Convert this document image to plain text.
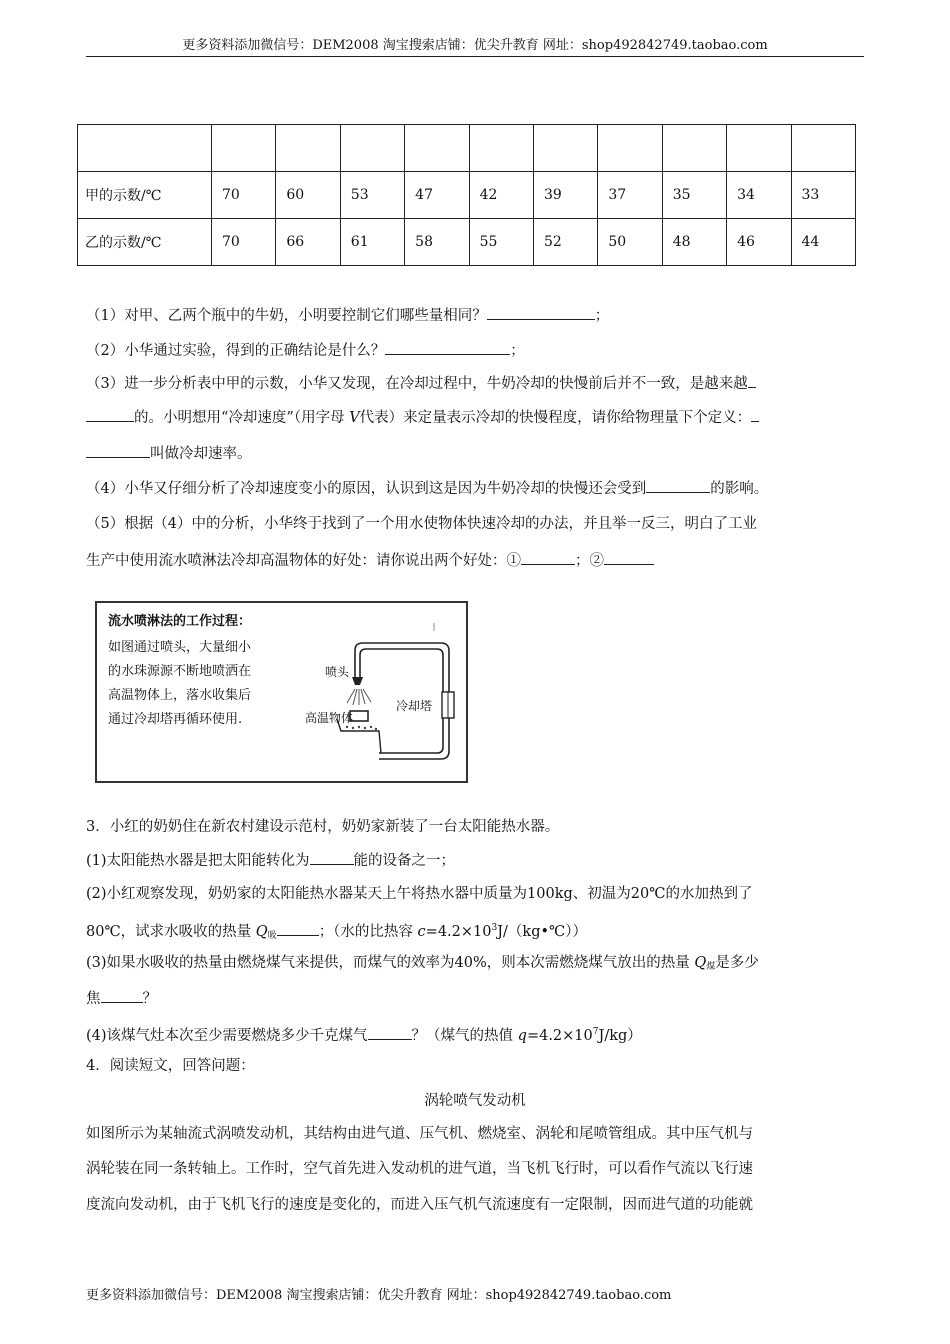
更多资料添加微信号：DEM2008 淘宝搜索店铺：优尖升教育 网址：shop492842749.taobao.com

甲的示数/℃	70	60	53	47	42	39	37	35	34	33
乙的示数/℃	70	66	61	58	55	52	50	48	46	44
（1）对甲、乙两个瓶中的牛奶，小明要控制它们哪些量相同？	；
（2）小华通过实验，得到的正确结论是什么？	；
（3）进一步分析表中甲的示数，小华又发现，在冷却过程中，牛奶冷却的快慢前后并不一致，是越来越
的。小明想用“冷却速度”（用字母 V代表）来定量表示冷却的快慢程度，请你给物理量下个定义：
叫做冷却速率。
（4）小华又仔细分析了冷却速度变小的原因，认识到这是因为牛奶冷却的快慢还会受到	的影响。
（5）根据（4）中的分析，小华终于找到了一个用水使物体快速冷却的办法，并且举一反三，明白了工业
生产中使用流水喷淋法冷却高温物体的好处：请你说出两个好处：①	；②
流水喷淋法的工作过程：
如图通过喷头，大量细小
的水珠源源不断地喷洒在
高温物体上，落水收集后
通过冷却塔再循环使用.
喷头
冷却塔
高温物体
3．小红的奶奶住在新农村建设示范村，奶奶家新装了一台太阳能热水器。
(1)太阳能热水器是把太阳能转化为	能的设备之一；
(2)小红观察发现，奶奶家的太阳能热水器某天上午将热水器中质量为100kg、初温为20℃的水加热到了
80℃，试求水吸收的热量 $Q_吸$	；（水的比热容 $c=4.2\times 10^3J/(kg•℃)$）
(3)如果水吸收的热量由燃烧煤气来提供，而煤气的效率为40%，则本次需燃烧煤气放出的热量 $Q_煤$是多少
焦	？
(4)该煤气灶本次至少需要燃烧多少千克煤气	？（煤气的热值 $q=4.2\times 10^7J/kg$）
4．阅读短文，回答问题：
涡轮喷气发动机
如图所示为某轴流式涡喷发动机，其结构由进气道、压气机、燃烧室、涡轮和尾喷管组成。其中压气机与
涡轮装在同一条转轴上。工作时，空气首先进入发动机的进气道，当飞机飞行时，可以看作气流以飞行速
度流向发动机，由于飞机飞行的速度是变化的，而进入压气机气流速度有一定限制，因而进气道的功能就
更多资料添加微信号：DEM2008 淘宝搜索店铺：优尖升教育 网址：shop492842749.taobao.com
